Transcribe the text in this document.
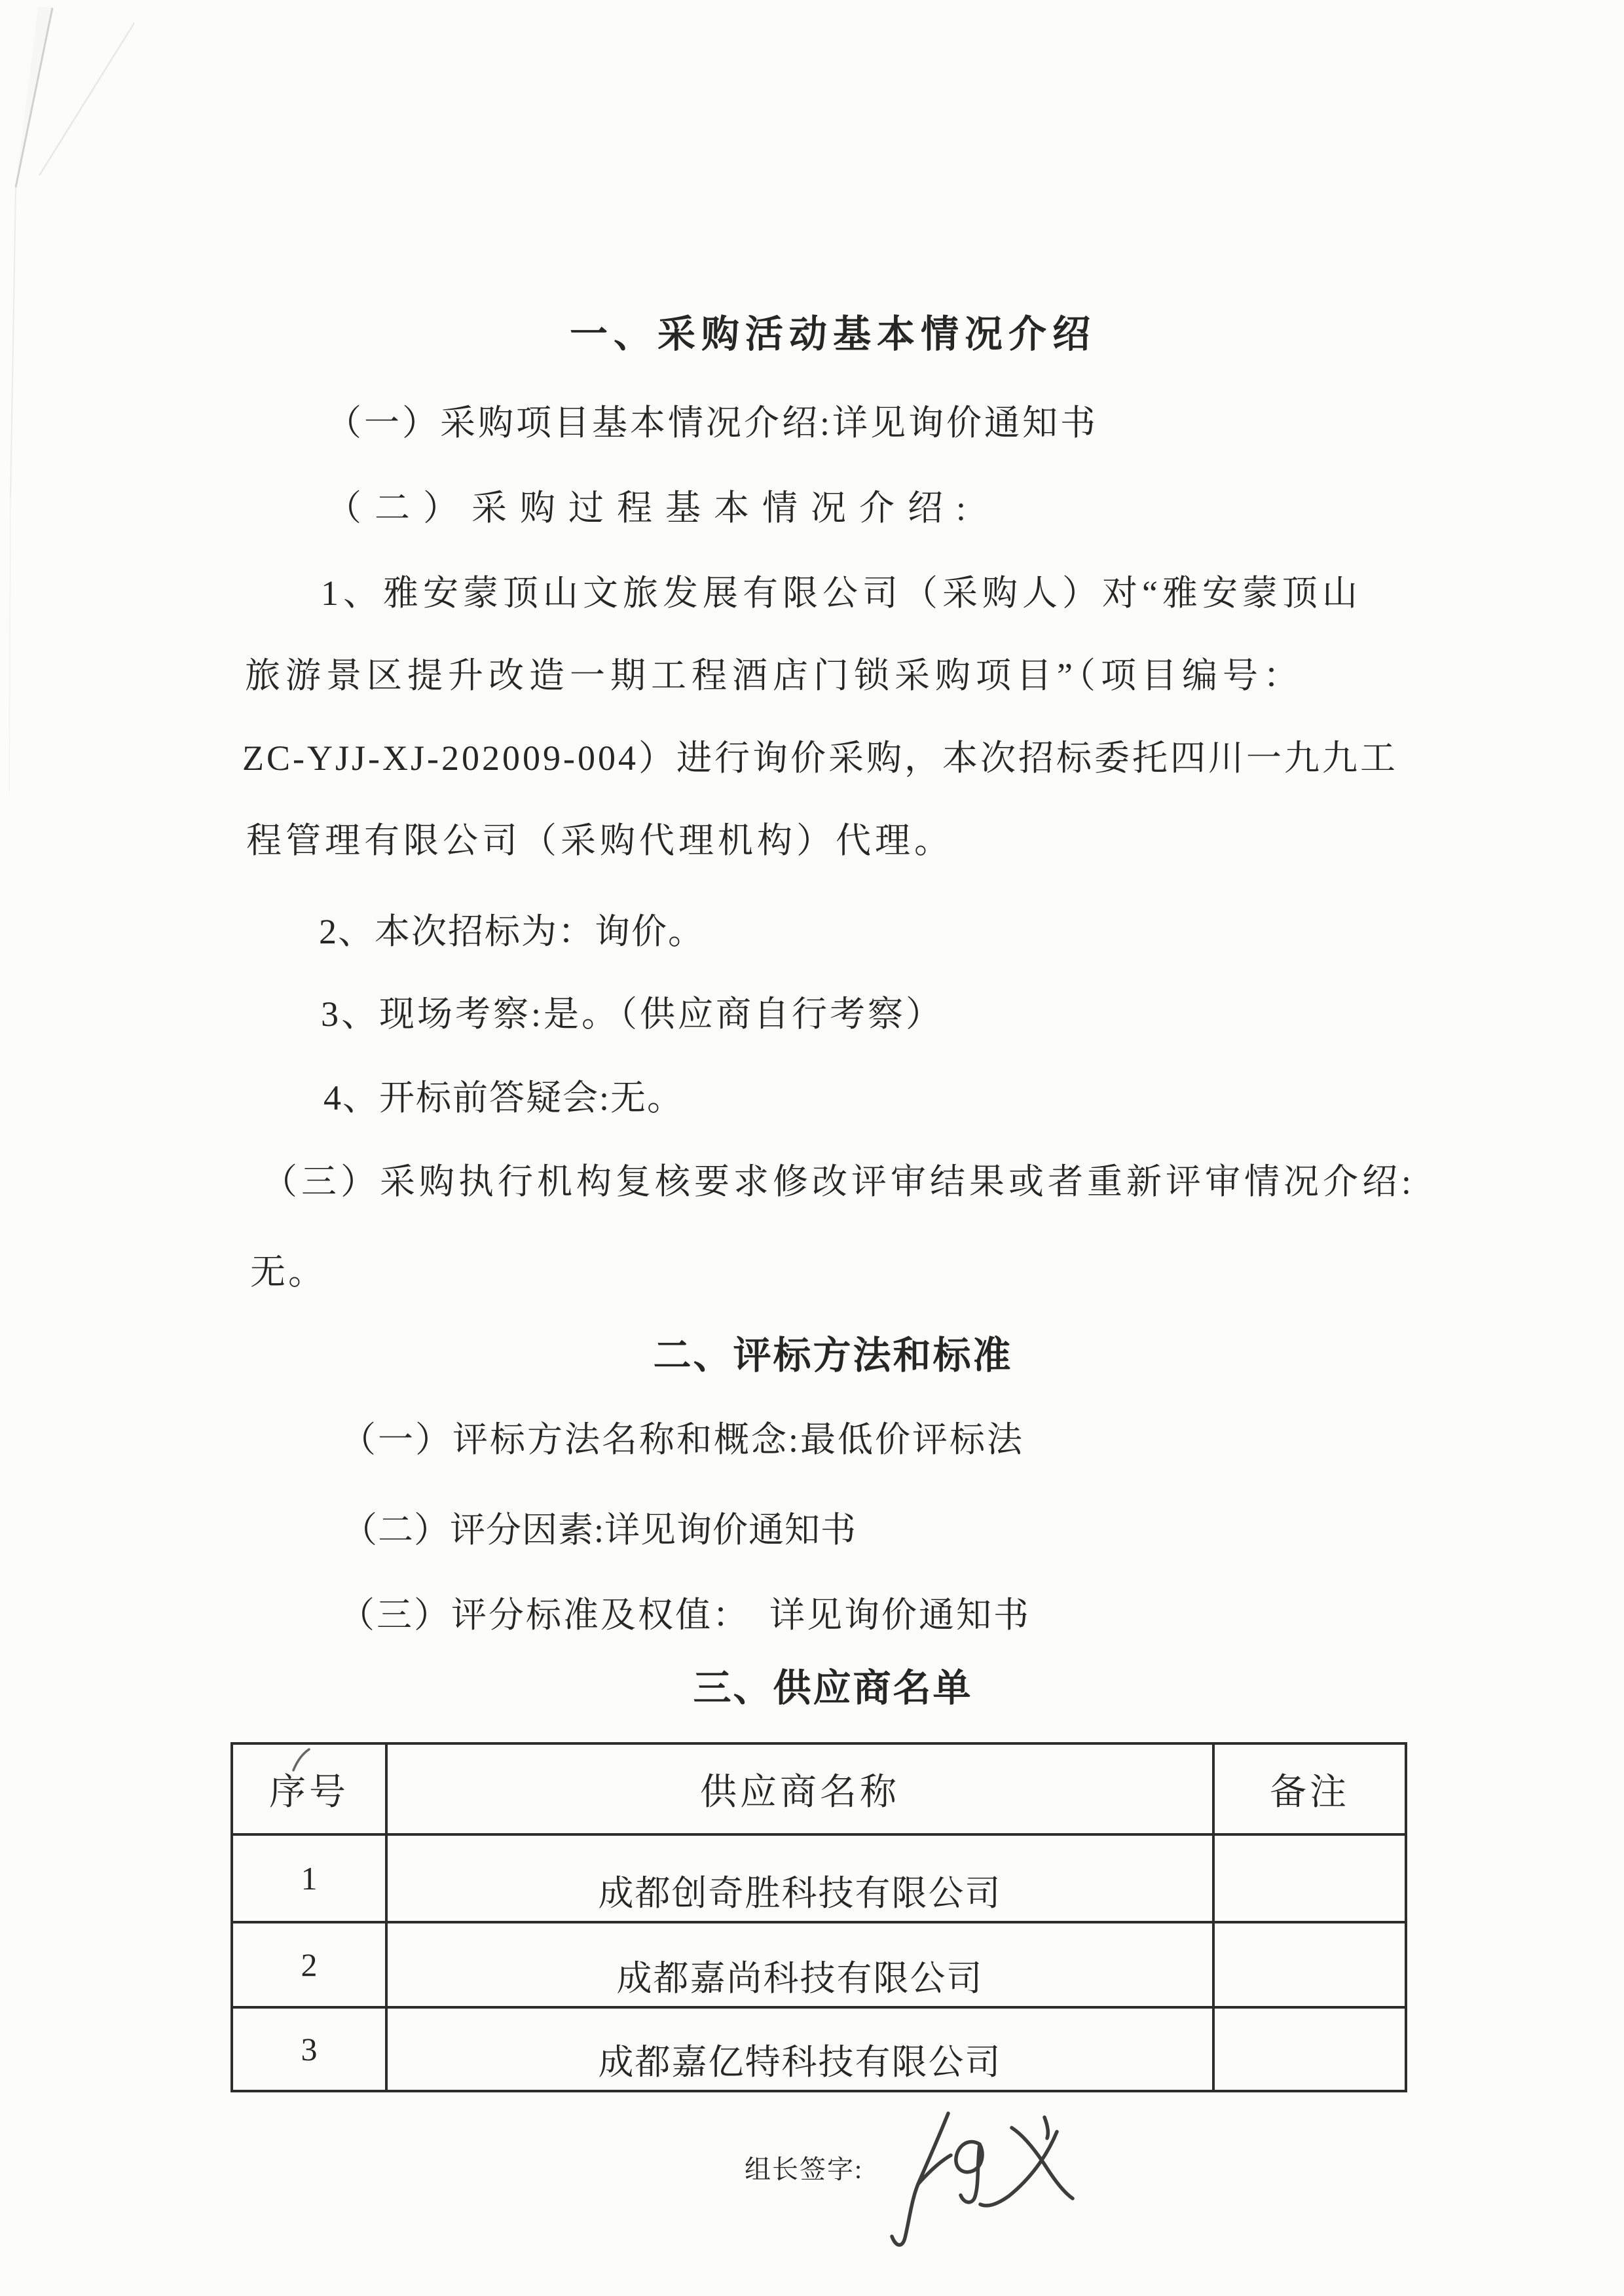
一、采购活动基本情况介绍
（一）采购项目基本情况介绍:详见询价通知书
（二）采购过程基本情况介绍:
1、雅安蒙顶山文旅发展有限公司（采购人）对“雅安蒙顶山
旅游景区提升改造一期工程酒店门锁采购项目”（项目编号：
ZC-YJJ-XJ-202009-004）进行询价采购，本次招标委托四川一九九工
程管理有限公司（采购代理机构）代理。
2、本次招标为：询价。
3、现场考察:是。（供应商自行考察）
4、开标前答疑会:无。
（三）采购执行机构复核要求修改评审结果或者重新评审情况介绍:
无。
二、评标方法和标准
（一）评标方法名称和概念:最低价评标法
（二）评分因素:详见询价通知书
（三）评分标准及权值：　详见询价通知书
三、供应商名单
序号	供应商名称	备注
1	成都创奇胜科技有限公司	
2	成都嘉尚科技有限公司	
3	成都嘉亿特科技有限公司	
组长签字:
